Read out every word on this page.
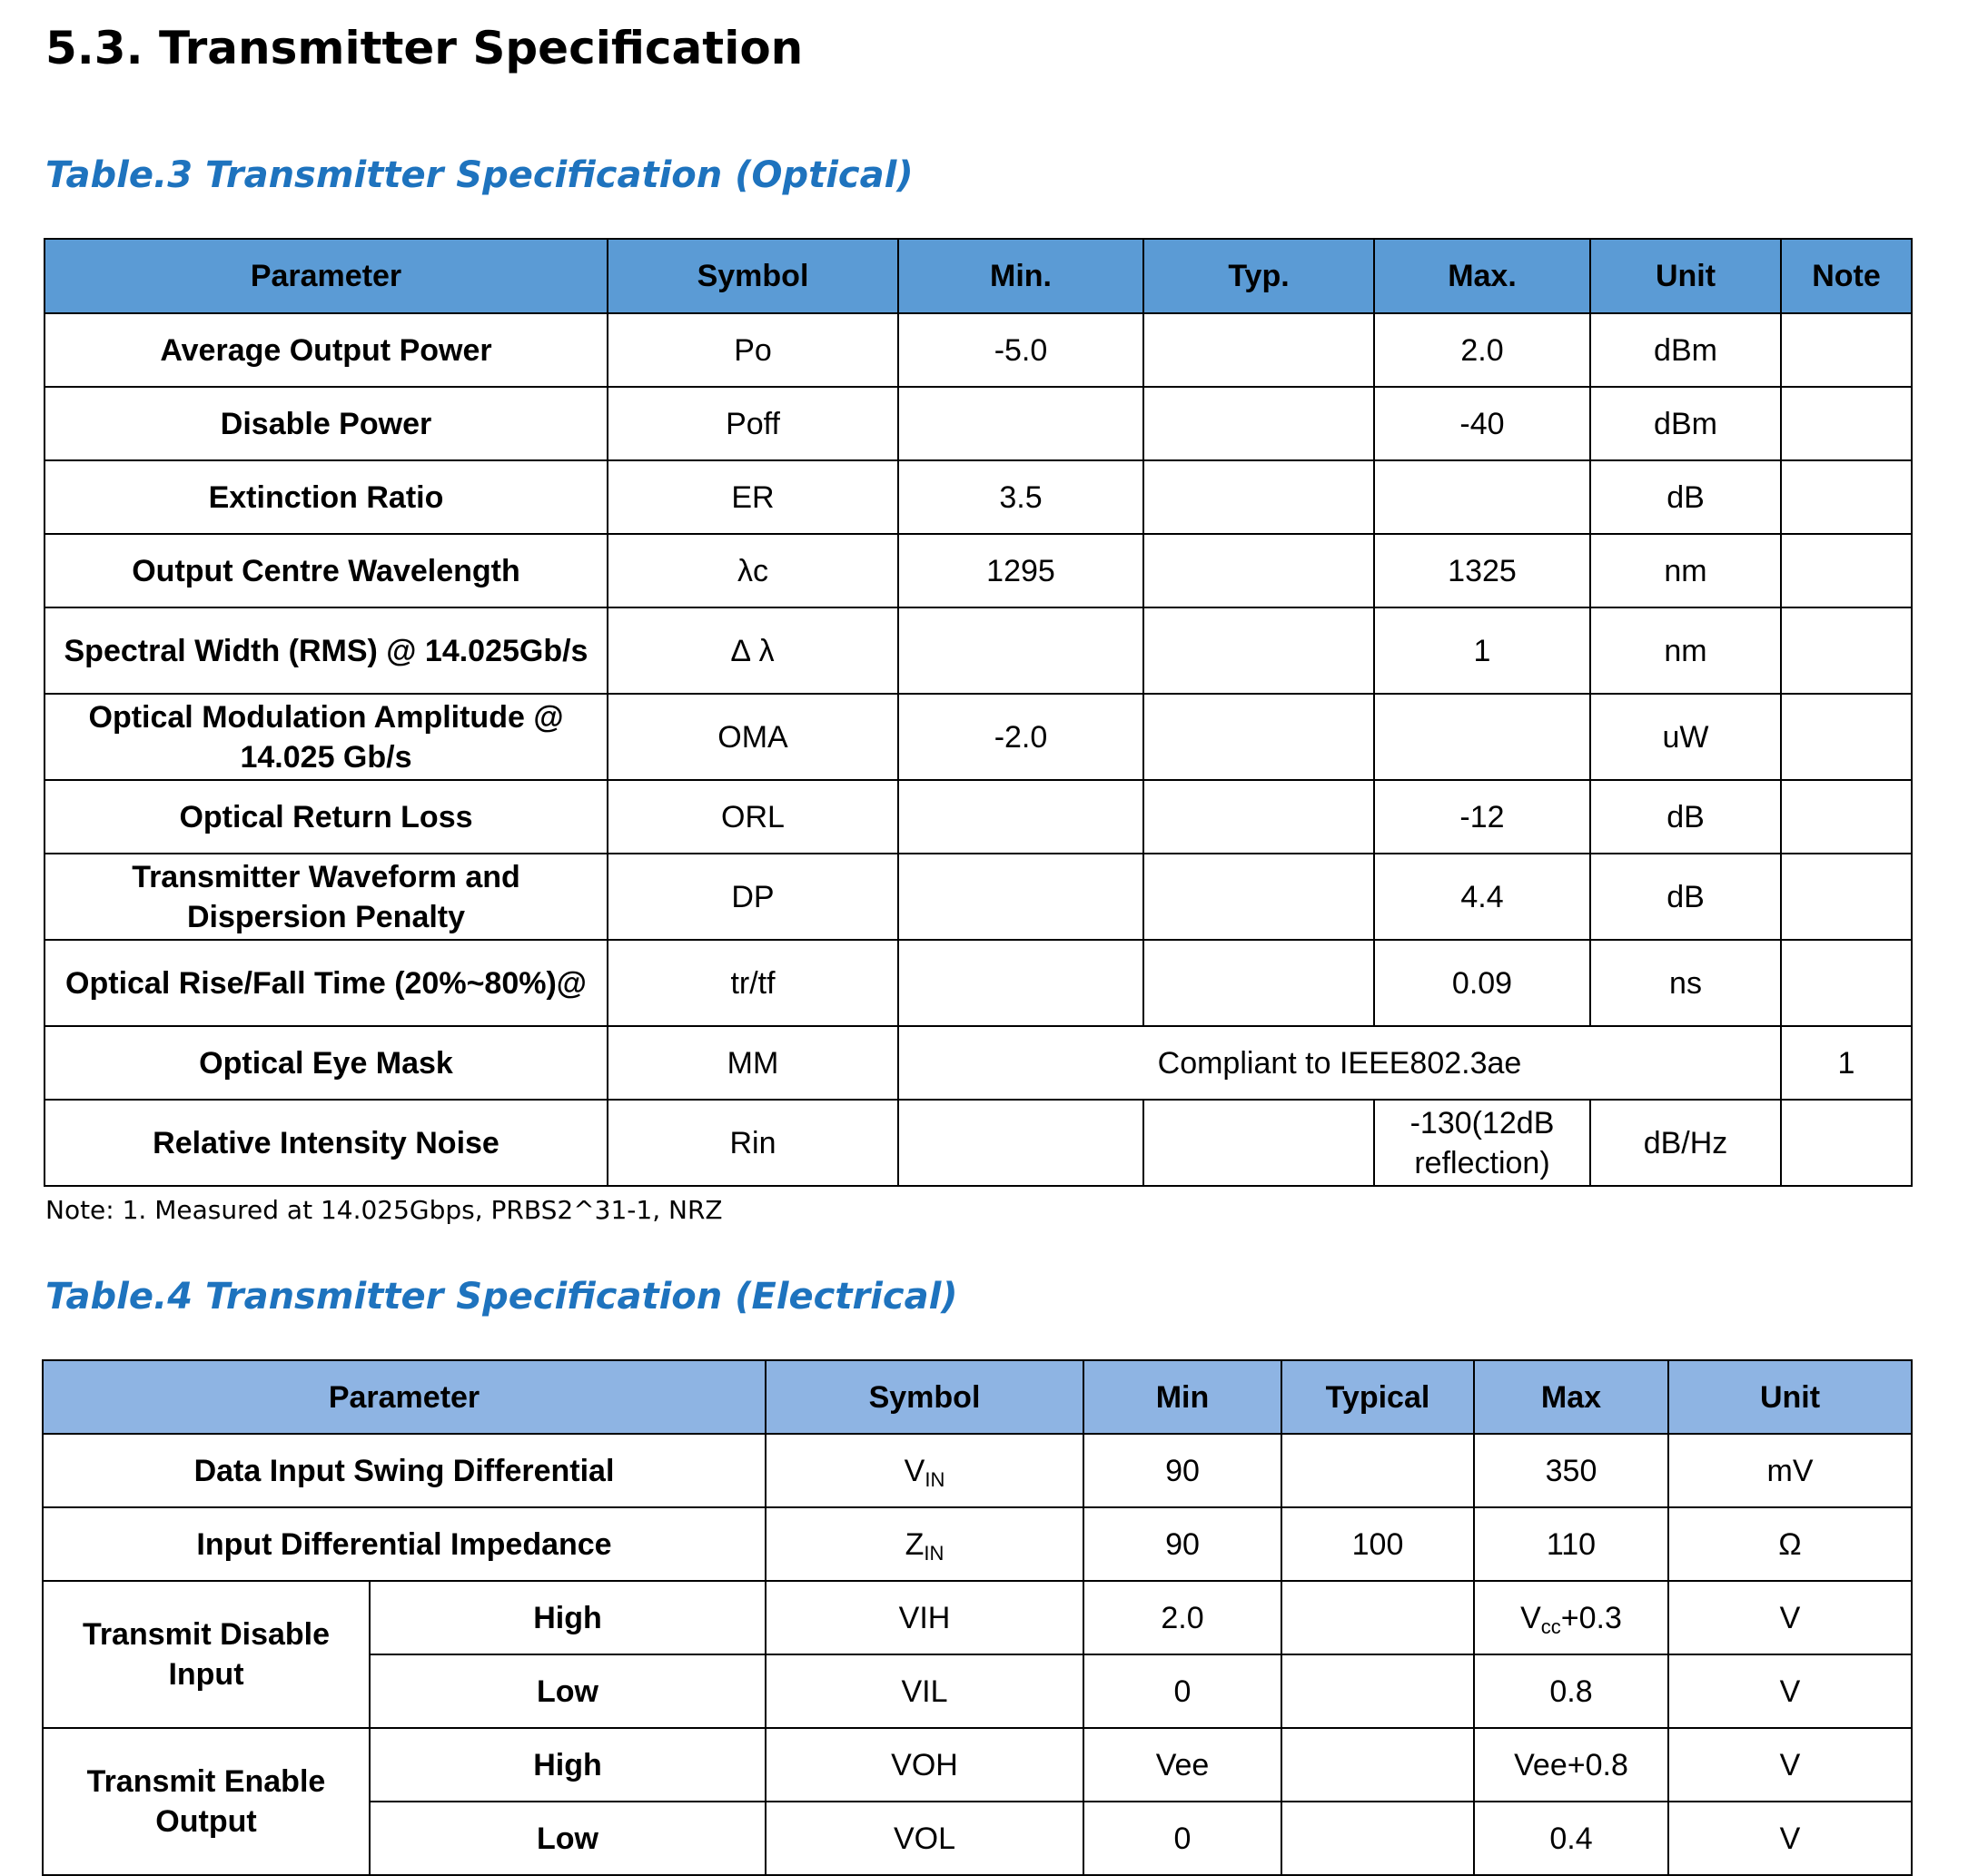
5.3. Transmitter Specification
Table.3 Transmitter Specification (Optical)
Parameter	Symbol	Min.	Typ.	Max.	Unit	Note
Average Output Power	Po	-5.0		2.0	dBm	
Disable Power	Poff			-40	dBm	
Extinction Ratio	ER	3.5			dB	
Output Centre Wavelength	λc	1295		1325	nm	
Spectral Width (RMS) @ 14.025Gb/s	∆ λ			1	nm	
Optical Modulation Amplitude @ 14.025 Gb/s	OMA	-2.0			uW	
Optical Return Loss	ORL			-12	dB	
Transmitter Waveform and Dispersion Penalty	DP			4.4	dB	
Optical Rise/Fall Time (20%~80%)@	tr/tf			0.09	ns	
Optical Eye Mask	MM	Compliant to IEEE802.3ae				1
Relative Intensity Noise	Rin			-130(12dB reflection)	dB/Hz	

Note: 1. Measured at 14.025Gbps, PRBS2^31-1, NRZ

Table.4 Transmitter Specification (Electrical)
Parameter		Symbol	Min	Typical	Max	Unit
Data Input Swing Differential		$V_{IN}$	90		350	mV
Input Differential Impedance		$Z_{IN}$	90	100	110	Ω
Transmit Disable Input	High	VIH	2.0		$V_{cc}+0.3$	V
	Low	VIL	0		0.8	V
Transmit Enable Output	High	VOH	Vee		Vee+0.8	V
	Low	VOL	0		0.4	V
